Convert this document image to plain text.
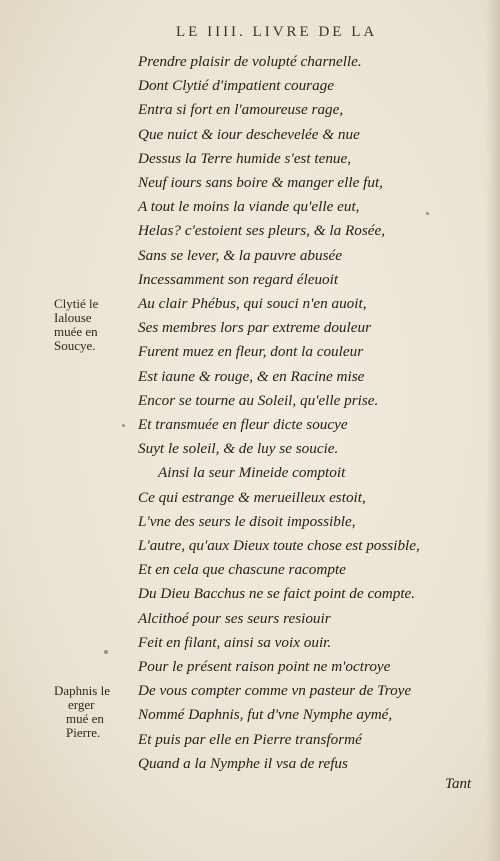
LE IIII. LIVRE DE LA
Prendre plaisir de volupté charnelle.
Dont Clytié d'impatient courage
Entra si fort en l'amoureuse rage,
Que nuict & iour deschevelée & nue
Dessus la Terre humide s'est tenue,
Neuf iours sans boire & manger elle fut,
A tout le moins la viande qu'elle eut,
Helas? c'estoient ses pleurs, & la Rosée,
Sans se lever, & la pauvre abusée
Incessamment son regard éleuoit
Au clair Phébus, qui souci n'en auoit,
Ses membres lors par extreme douleur
Furent muez en fleur, dont la couleur
Est iaune & rouge, & en Racine mise
Encor se tourne au Soleil, qu'elle prise.
Et transmuée en fleur dicte soucye
Suyt le soleil, & de luy se soucie.
Ainsi la seur Mineide comptoit
Ce qui estrange & merueilleux estoit,
L'vne des seurs le disoit impossible,
L'autre, qu'aux Dieux toute chose est possible,
Et en cela que chascune racompte
Du Dieu Bacchus ne se faict point de compte.
Alcithoé pour ses seurs resiouir
Feit en filant, ainsi sa voix ouir.
Pour le présent raison point ne m'octroye
De vous compter comme vn pasteur de Troye
Nommé Daphnis, fut d'vne Nymphe aymé,
Et puis par elle en Pierre transformé
Quand a la Nymphe il vsa de refus
Clytié le
Ialouse
muée en
Soucye.
Daphnis le
erger
mué en
Pierre.
Tant
